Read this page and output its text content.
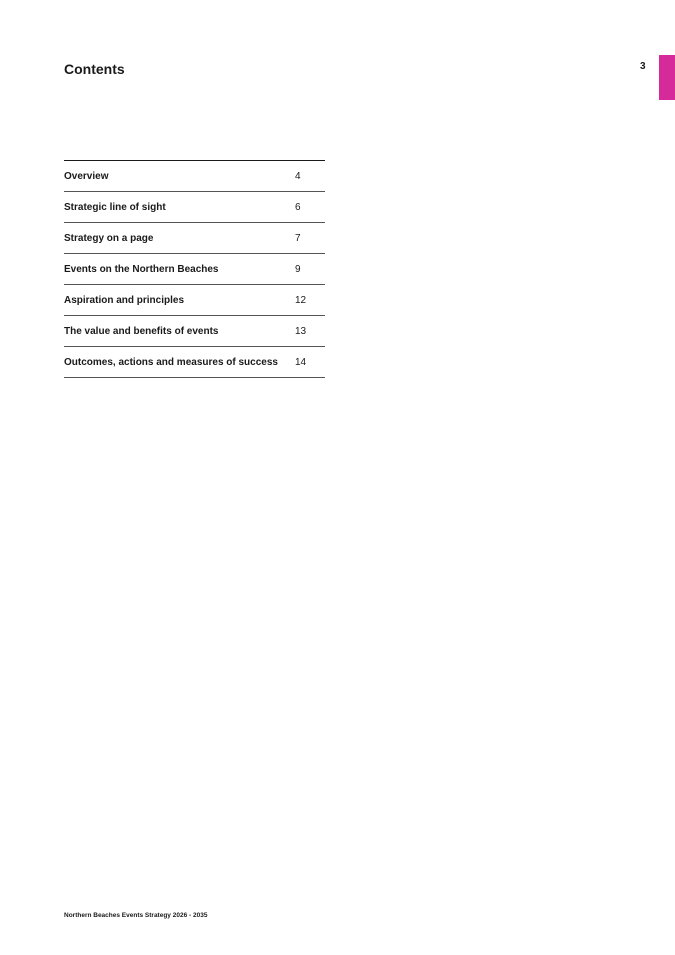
Contents	3
Overview	4
Strategic line of sight	6
Strategy on a page	7
Events on the Northern Beaches	9
Aspiration and principles	12
The value and benefits of events	13
Outcomes, actions and measures of success	14
Northern Beaches Events Strategy 2026 - 2035
